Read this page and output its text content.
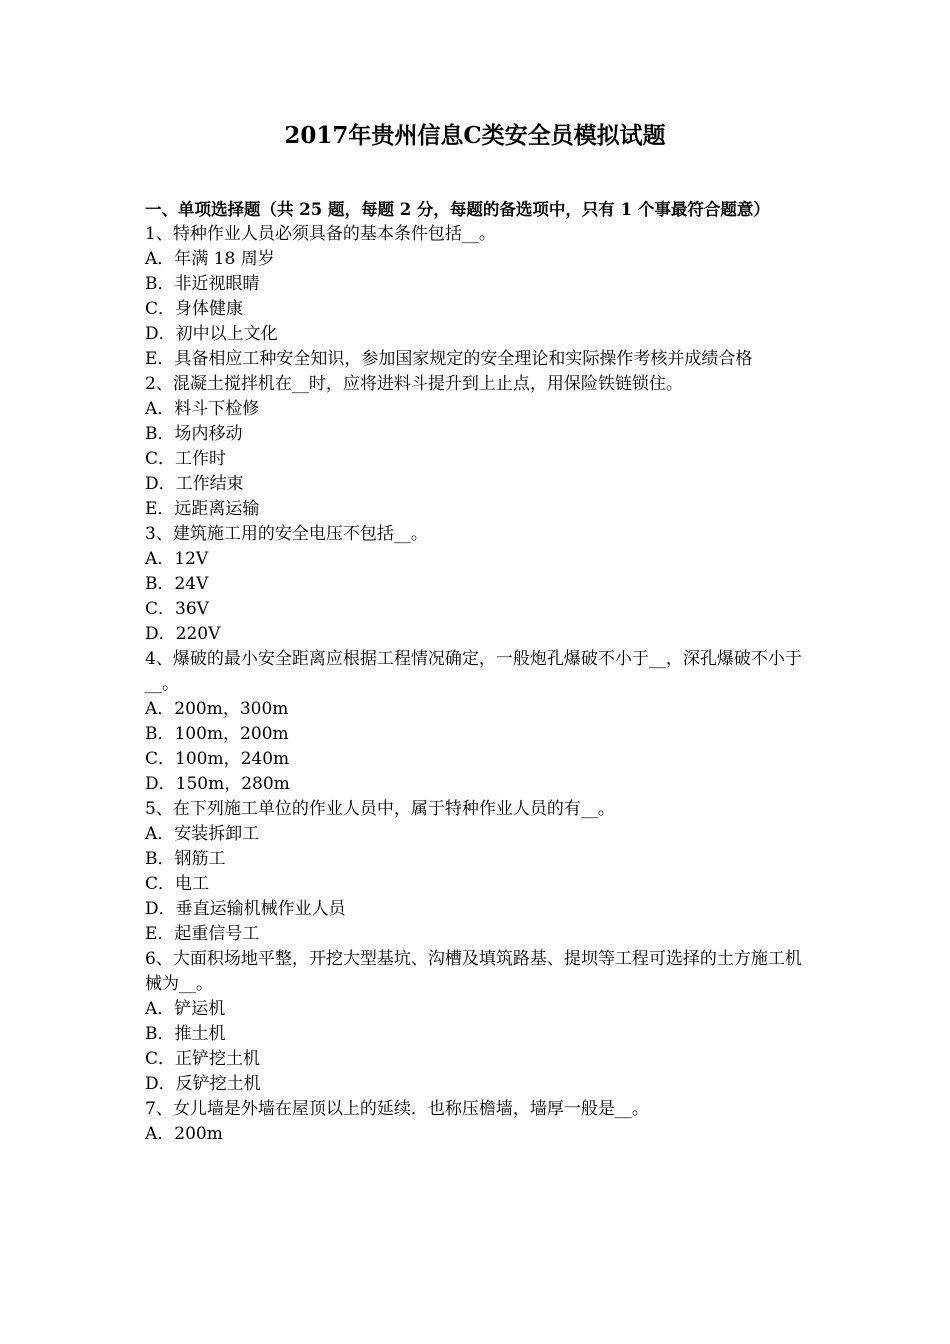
2017年贵州信息C类安全员模拟试题

一、单项选择题（共 25 题，每题 2 分，每题的备选项中，只有 1 个事最符合题意）

1、特种作业人员必须具备的基本条件包括__。

A．年满 18 周岁

B．非近视眼睛

C．身体健康

D．初中以上文化

E．具备相应工种安全知识，参加国家规定的安全理论和实际操作考核并成绩合格

2、混凝土搅拌机在__时，应将进料斗提升到上止点，用保险铁链锁住。

A．料斗下检修

B．场内移动

C．工作时

D．工作结束

E．远距离运输

3、建筑施工用的安全电压不包括__。

A．12V

B．24V

C．36V

D．220V

4、爆破的最小安全距离应根据工程情况确定，一般炮孔爆破不小于__，深孔爆破不小于__。

A．200m，300m

B．100m，200m

C．100m，240m

D．150m，280m

5、在下列施工单位的作业人员中，属于特种作业人员的有__。

A．安装拆卸工

B．钢筋工

C．电工

D．垂直运输机械作业人员

E．起重信号工

6、大面积场地平整，开挖大型基坑、沟槽及填筑路基、提坝等工程可选择的土方施工机械为__。

A．铲运机

B．推土机

C．正铲挖土机

D．反铲挖土机

7、女儿墙是外墙在屋顶以上的延续．也称压檐墙，墙厚一般是__。

A．200m
